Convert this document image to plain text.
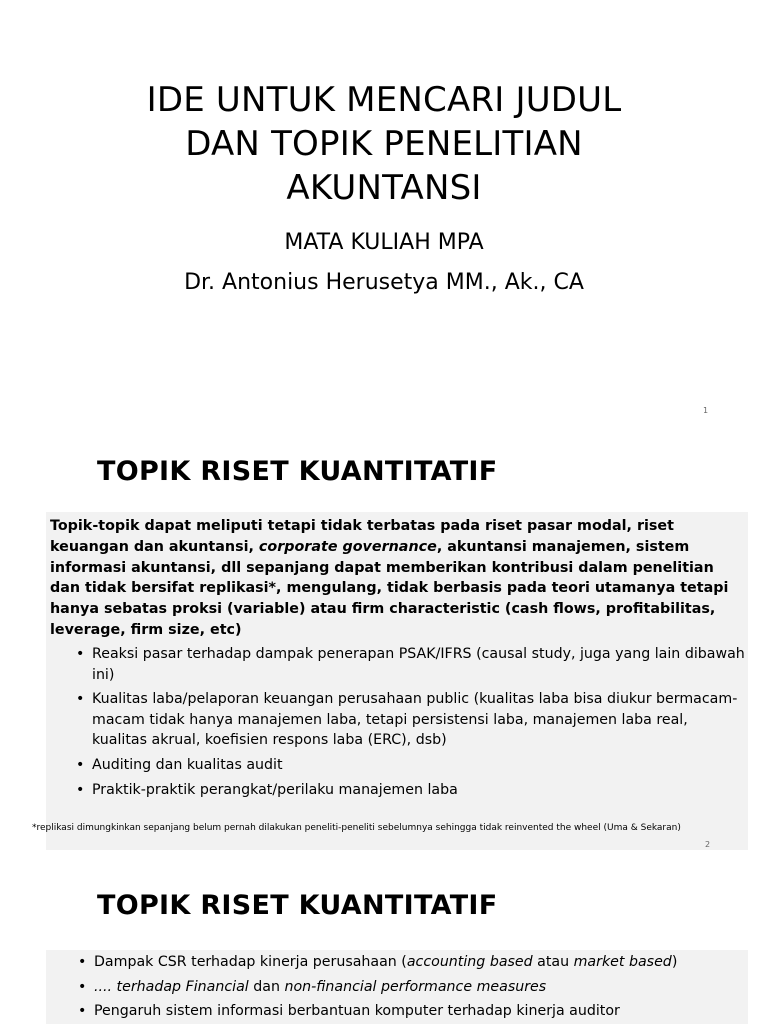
IDE UNTUK MENCARI JUDUL
DAN TOPIK PENELITIAN
AKUNTANSI
MATA KULIAH MPA
Dr. Antonius Herusetya MM., Ak., CA
1
TOPIK RISET KUANTITATIF

Topik-topik dapat meliputi tetapi tidak terbatas pada riset pasar modal, riset keuangan dan akuntansi, corporate governance, akuntansi manajemen, sistem informasi akuntansi, dll sepanjang dapat memberikan kontribusi dalam penelitian dan tidak bersifat replikasi*, mengulang, tidak berbasis pada teori utamanya tetapi hanya sebatas proksi (variable) atau firm characteristic (cash flows, profitabilitas, leverage, firm size, etc)

• Reaksi pasar terhadap dampak penerapan PSAK/IFRS (causal study, juga yang lain dibawah ini)
• Kualitas laba/pelaporan keuangan perusahaan public (kualitas laba bisa diukur bermacam-macam tidak hanya manajemen laba, tetapi persistensi laba, manajemen laba real, kualitas akrual, koefisien respons laba (ERC), dsb)
• Auditing dan kualitas audit
• Praktik-praktik perangkat/perilaku manajemen laba
*replikasi dimungkinkan sepanjang belum pernah dilakukan peneliti-peneliti sebelumnya sehingga tidak reinvented the wheel (Uma & Sekaran)
2
TOPIK RISET KUANTITATIF
• Dampak CSR terhadap kinerja perusahaan (accounting based atau market based)
• .... terhadap Financial dan non-financial performance measures
• Pengaruh sistem informasi berbantuan komputer terhadap kinerja auditor
